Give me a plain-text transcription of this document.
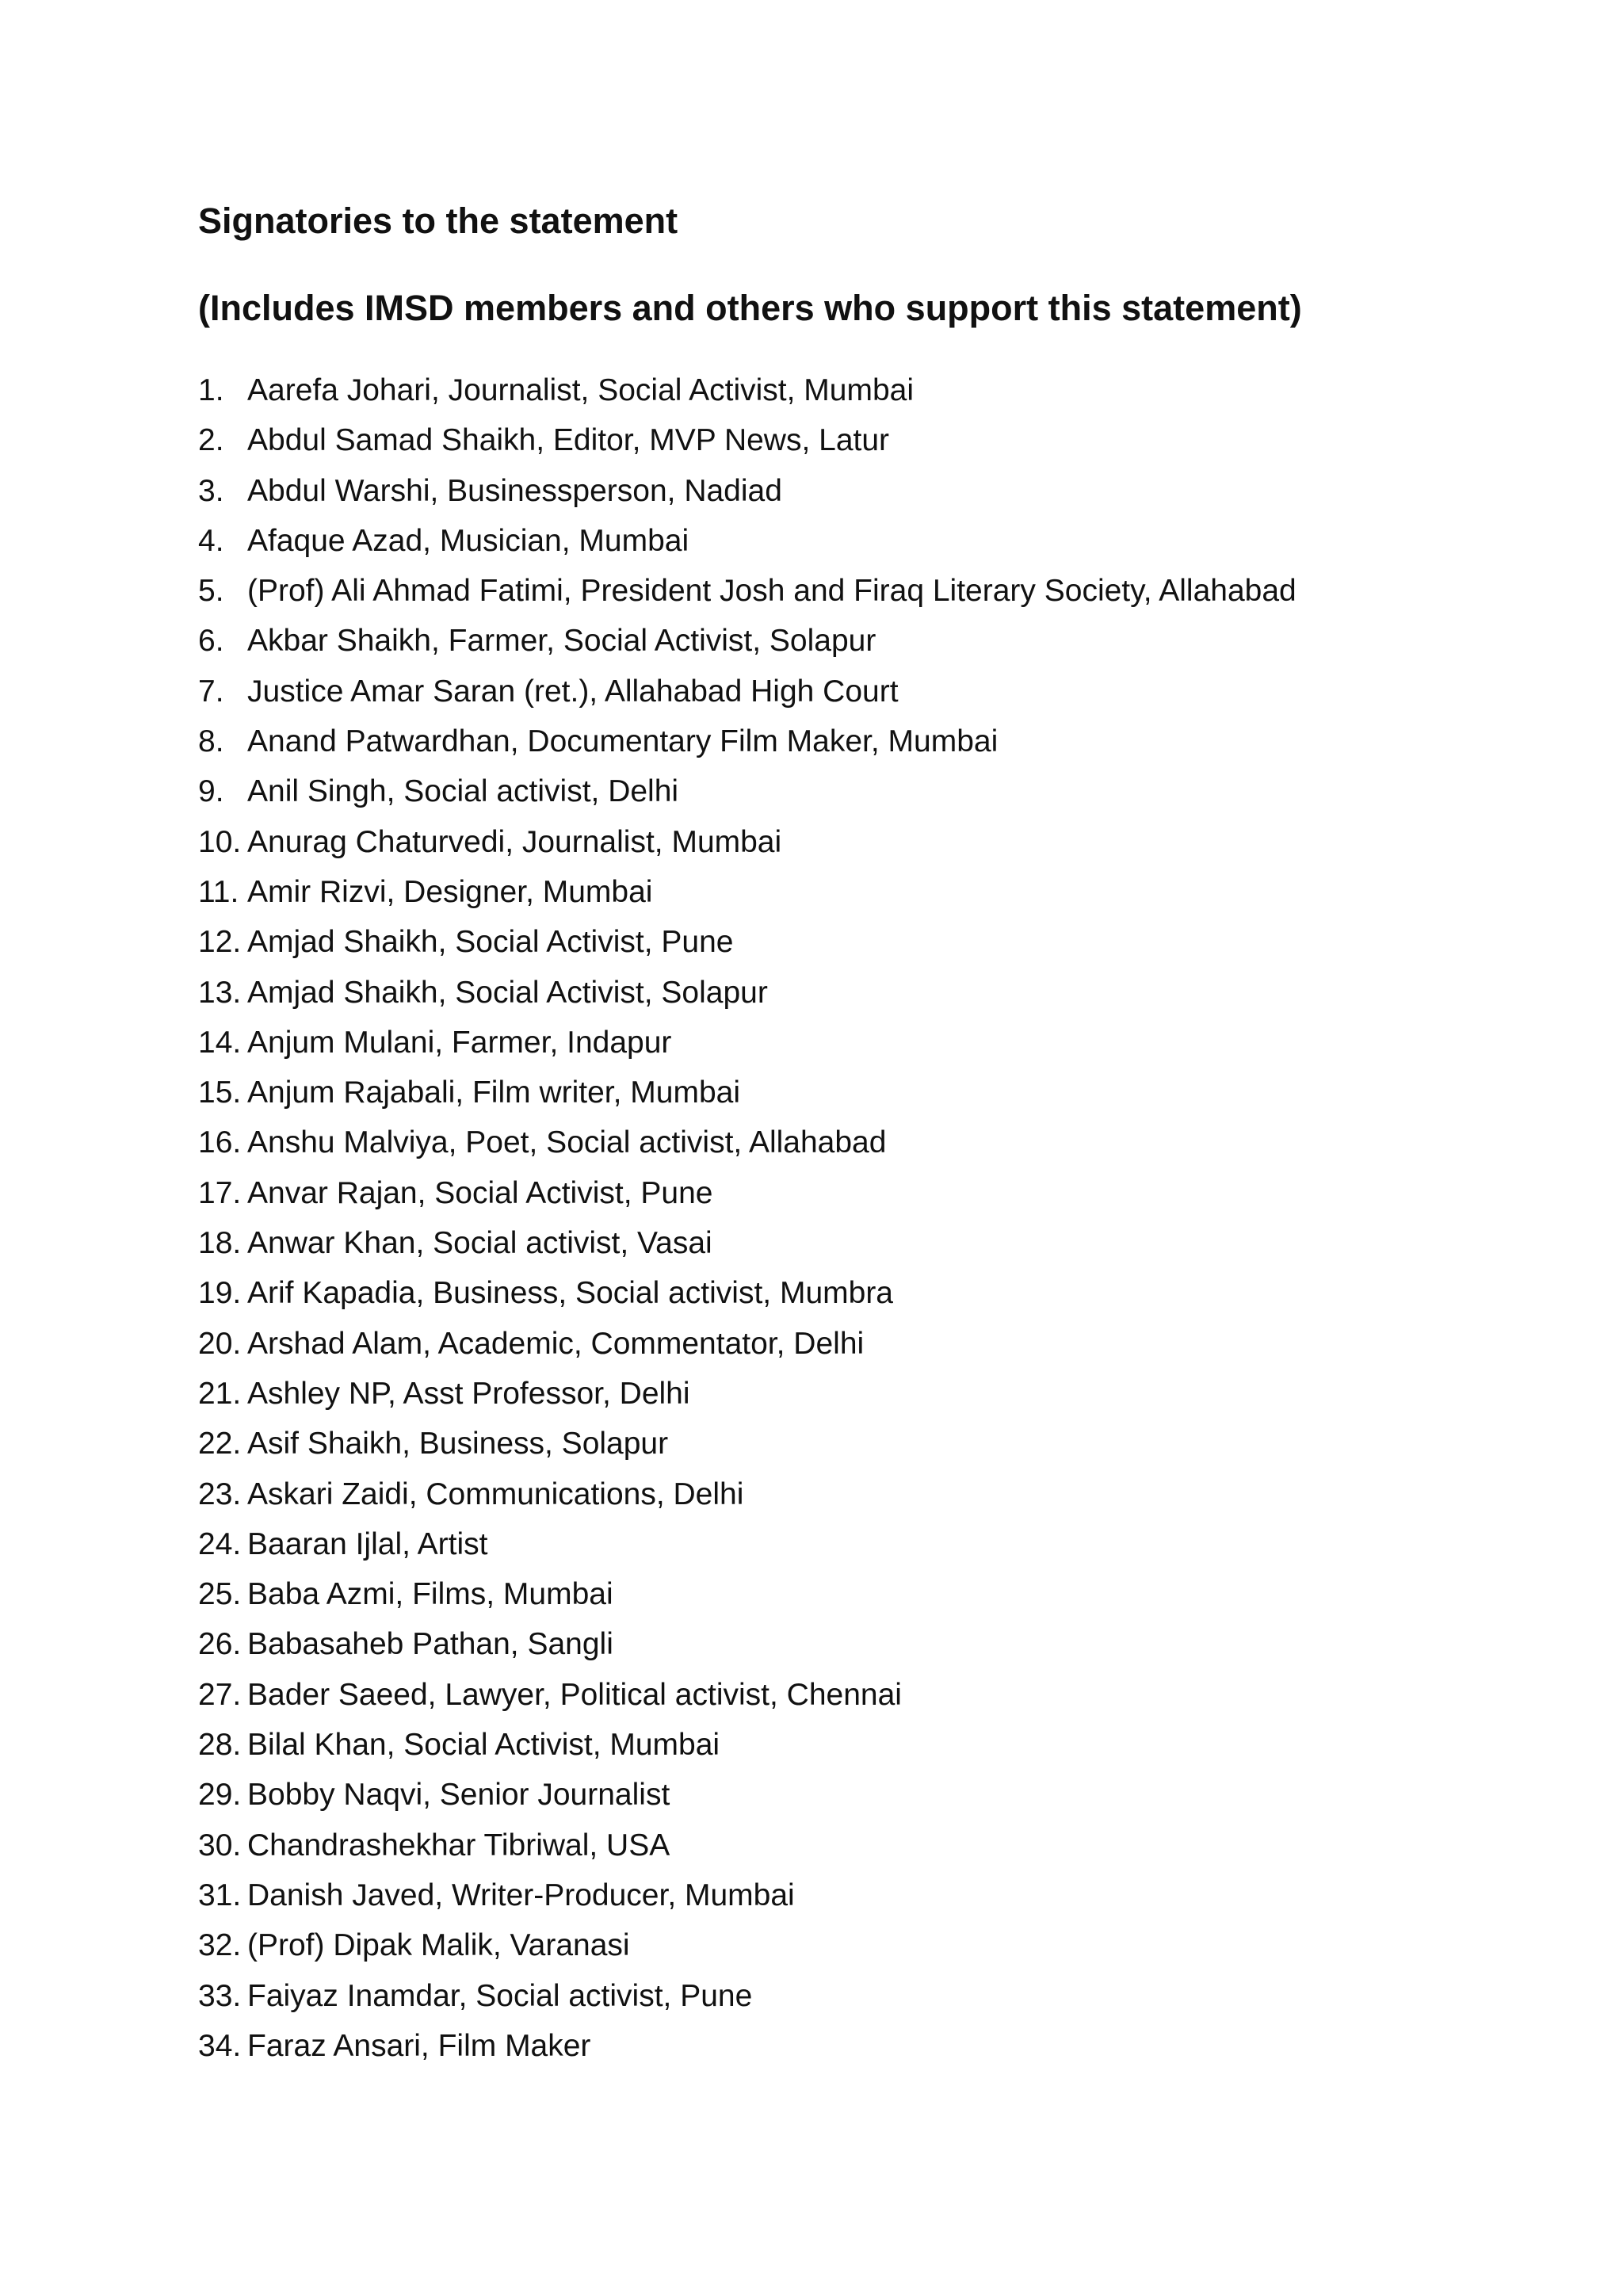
Signatories to the statement
(Includes IMSD members and others who support this statement)
1. Aarefa Johari, Journalist, Social Activist, Mumbai
2. Abdul Samad Shaikh, Editor, MVP News, Latur
3. Abdul Warshi, Businessperson, Nadiad
4. Afaque Azad, Musician, Mumbai
5. (Prof) Ali Ahmad Fatimi, President Josh and Firaq Literary Society, Allahabad
6. Akbar Shaikh, Farmer, Social Activist, Solapur
7. Justice Amar Saran (ret.), Allahabad High Court
8. Anand Patwardhan, Documentary Film Maker, Mumbai
9. Anil Singh, Social activist, Delhi
10. Anurag Chaturvedi, Journalist, Mumbai
11. Amir Rizvi, Designer, Mumbai
12. Amjad Shaikh, Social Activist, Pune
13. Amjad Shaikh, Social Activist, Solapur
14. Anjum Mulani, Farmer, Indapur
15. Anjum Rajabali, Film writer, Mumbai
16. Anshu Malviya, Poet, Social activist, Allahabad
17. Anvar Rajan, Social Activist, Pune
18. Anwar Khan, Social activist, Vasai
19. Arif Kapadia, Business, Social activist, Mumbra
20. Arshad Alam, Academic, Commentator, Delhi
21. Ashley NP, Asst Professor, Delhi
22. Asif Shaikh, Business, Solapur
23. Askari Zaidi, Communications, Delhi
24. Baaran Ijlal, Artist
25. Baba Azmi, Films, Mumbai
26. Babasaheb Pathan, Sangli
27. Bader Saeed, Lawyer, Political activist, Chennai
28. Bilal Khan, Social Activist, Mumbai
29. Bobby Naqvi, Senior Journalist
30. Chandrashekhar Tibriwal, USA
31. Danish Javed, Writer-Producer, Mumbai
32. (Prof) Dipak Malik, Varanasi
33. Faiyaz Inamdar, Social activist, Pune
34. Faraz Ansari, Film Maker
